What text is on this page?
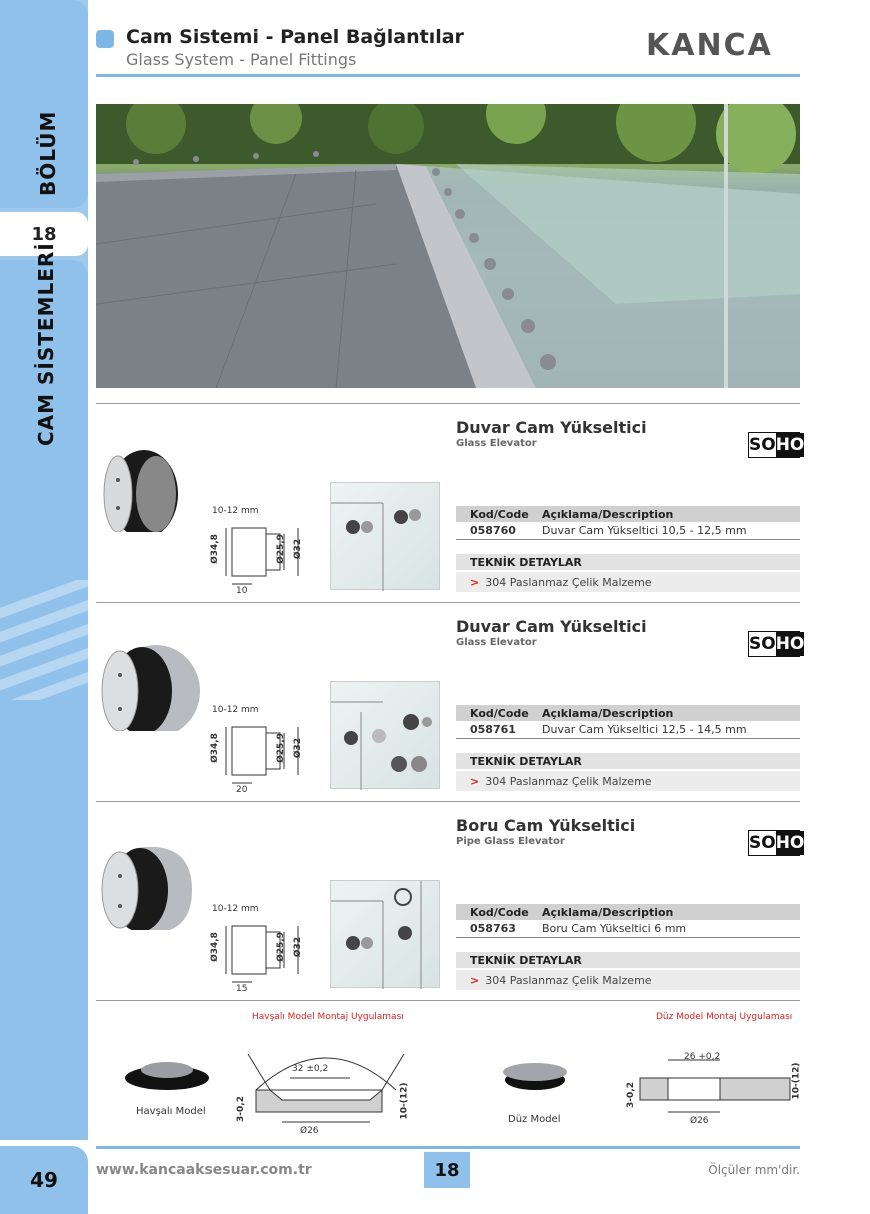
BÖLÜM
18
CAM SİSTEMLERİ
49
Cam Sistemi - Panel Bağlantılar
Glass System - Panel Fittings	KANCA
10-12 mm
Ø34,8	Ø25,9 Ø32
10
Duvar Cam Yükseltici
Glass Elevator	SO HO
Kod/Code	Açıklama/Description
058760	Duvar Cam Yükseltici 10,5 - 12,5 mm
TEKNİK DETAYLAR
> 304 Paslanmaz Çelik Malzeme
10-12 mm
Ø34,8	Ø25,9 Ø32
20
Duvar Cam Yükseltici
Glass Elevator	SO HO
Kod/Code	Açıklama/Description
058761	Duvar Cam Yükseltici 12,5 - 14,5 mm
TEKNİK DETAYLAR
> 304 Paslanmaz Çelik Malzeme
10-12 mm
Ø34,8	Ø25,9 Ø32
15
Boru Cam Yükseltici
Pipe Glass Elevator	SO HO
Kod/Code	Açıklama/Description
058763	Boru Cam Yükseltici 6 mm
TEKNİK DETAYLAR
> 304 Paslanmaz Çelik Malzeme
Havşalı Model Montaj Uygulaması	Düz Model Montaj Uygulaması
Havşalı Model
32 ±0,2
3-0,2	10-(12)
Ø26
Düz Model
26 +0,2
3-0,2	10-(12)
Ø26
www.kancaaksesuar.com.tr	18	Ölçüler mm'dir.
